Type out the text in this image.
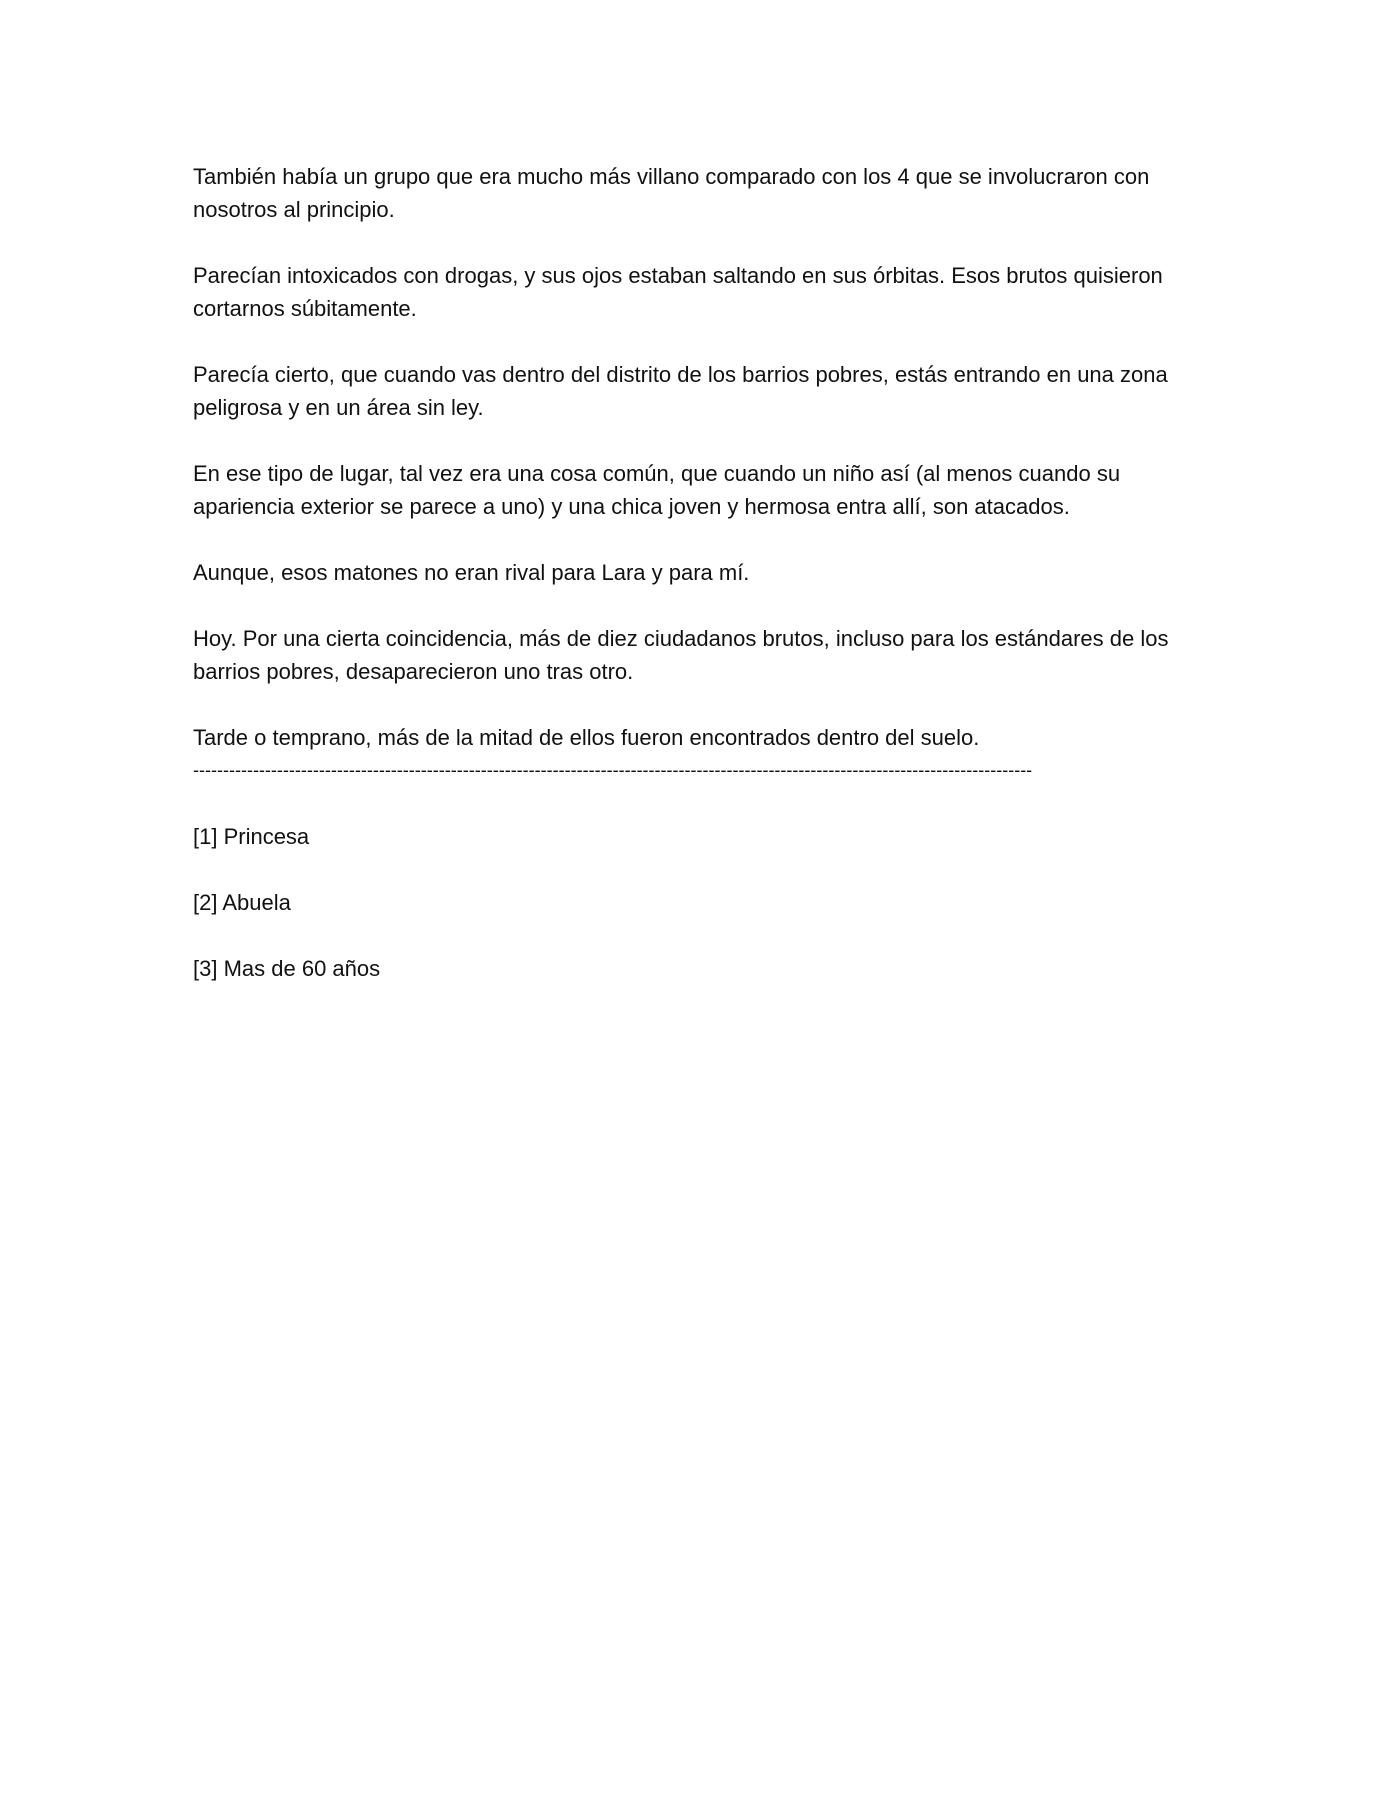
También había un grupo que era mucho más villano comparado con los 4 que se involucraron con nosotros al principio.

Parecían intoxicados con drogas, y sus ojos estaban saltando en sus órbitas. Esos brutos quisieron cortarnos súbitamente.

Parecía cierto, que cuando vas dentro del distrito de los barrios pobres, estás entrando en una zona peligrosa y en un área sin ley.

En ese tipo de lugar, tal vez era una cosa común, que cuando un niño así (al menos cuando su apariencia exterior se parece a uno) y una chica joven y hermosa entra allí, son atacados.

Aunque, esos matones no eran rival para Lara y para mí.

Hoy. Por una cierta coincidencia, más de diez ciudadanos brutos, incluso para los estándares de los barrios pobres, desaparecieron uno tras otro.

Tarde o temprano, más de la mitad de ellos fueron encontrados dentro del suelo.

--------------------------------------------------------------------------------------------------------------------------------------------

[1] Princesa

[2] Abuela

[3] Mas de 60 años
